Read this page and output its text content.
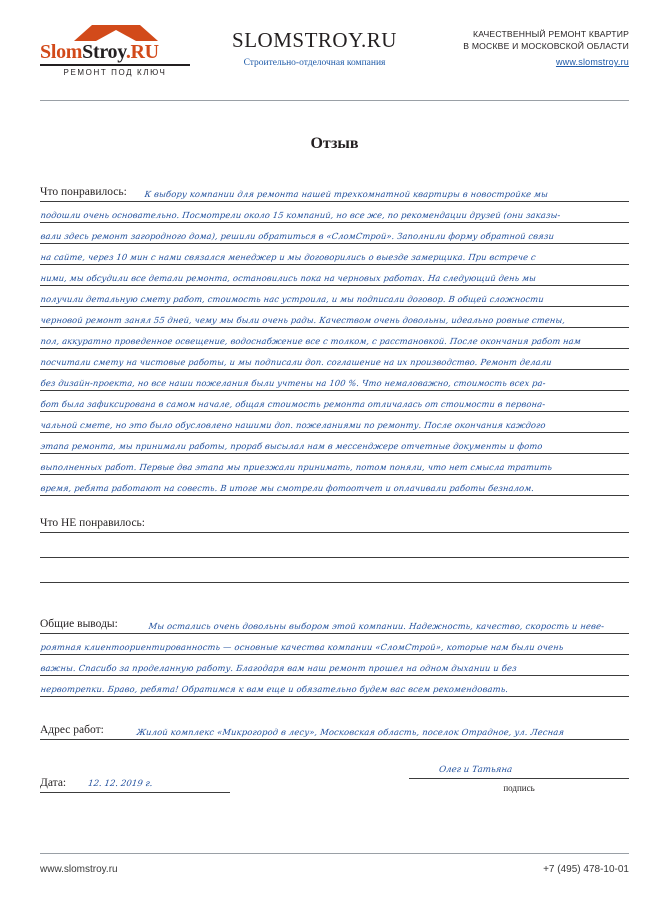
SlomStroy.RU
РЕМОНТ ПОД КЛЮЧ
SLOMSTROY.RU
Строительно-отделочная компания
КАЧЕСТВЕННЫЙ РЕМОНТ КВАРТИР
В МОСКВЕ И МОСКОВСКОЙ ОБЛАСТИ
www.slomstroy.ru
Отзыв
Что понравилось: К выбору компании для ремонта нашей трехкомнатной квартиры в новостройке мы
подошли очень основательно. Посмотрели около 15 компаний, но все же, по рекомендации друзей (они заказы-
вали здесь ремонт загородного дома), решили обратиться в «СломСтрой». Заполнили форму обратной связи
на сайте, через 10 мин с нами связался менеджер и мы договорились о выезде замерщика. При встрече с
ними, мы обсудили все детали ремонта, остановились пока на черновых работах. На следующий день мы
получили детальную смету работ, стоимость нас устроила, и мы подписали договор. В общей сложности
черновой ремонт занял 55 дней, чему мы были очень рады. Качеством очень довольны, идеально ровные стены,
пол, аккуратно проведенное освещение, водоснабжение все с толком, с расстановкой. После окончания работ нам
посчитали смету на чистовые работы, и мы подписали доп. соглашение на их производство. Ремонт делали
без дизайн-проекта, но все наши пожелания были учтены на 100 %. Что немаловажно, стоимость всех ра-
бот была зафиксирована в самом начале, общая стоимость ремонта отличалась от стоимости в первона-
чальной смете, но это было обусловлено нашими доп. пожеланиями по ремонту. После окончания каждого
этапа ремонта, мы принимали работы, прораб высылал нам в мессенджере отчетные документы и фото
выполненных работ. Первые два этапа мы приезжали принимать, потом поняли, что нет смысла тратить
время, ребята работают на совесть. В итоге мы смотрели фотоотчет и оплачивали работы безналом.
Что НЕ понравилось:
Общие выводы:	Мы остались очень довольны выбором этой компании. Надежность, качество, скорость и неве-
роятная клиентоориентированность — основные качества компании «СломСтрой», которые нам были очень
важны. Спасибо за проделанную работу. Благодаря вам наш ремонт прошел на одном дыхании и без
нервотрепки. Браво, ребята! Обратимся к вам еще и обязательно будем вас всем рекомендовать.
Адрес работ:	Жилой комплекс «Микрогород в лесу», Московская область, поселок Отрадное, ул. Лесная
Дата: 12. 12. 2019 г.
Олег и Татьяна
подпись
www.slomstroy.ru	+7 (495) 478-10-01
